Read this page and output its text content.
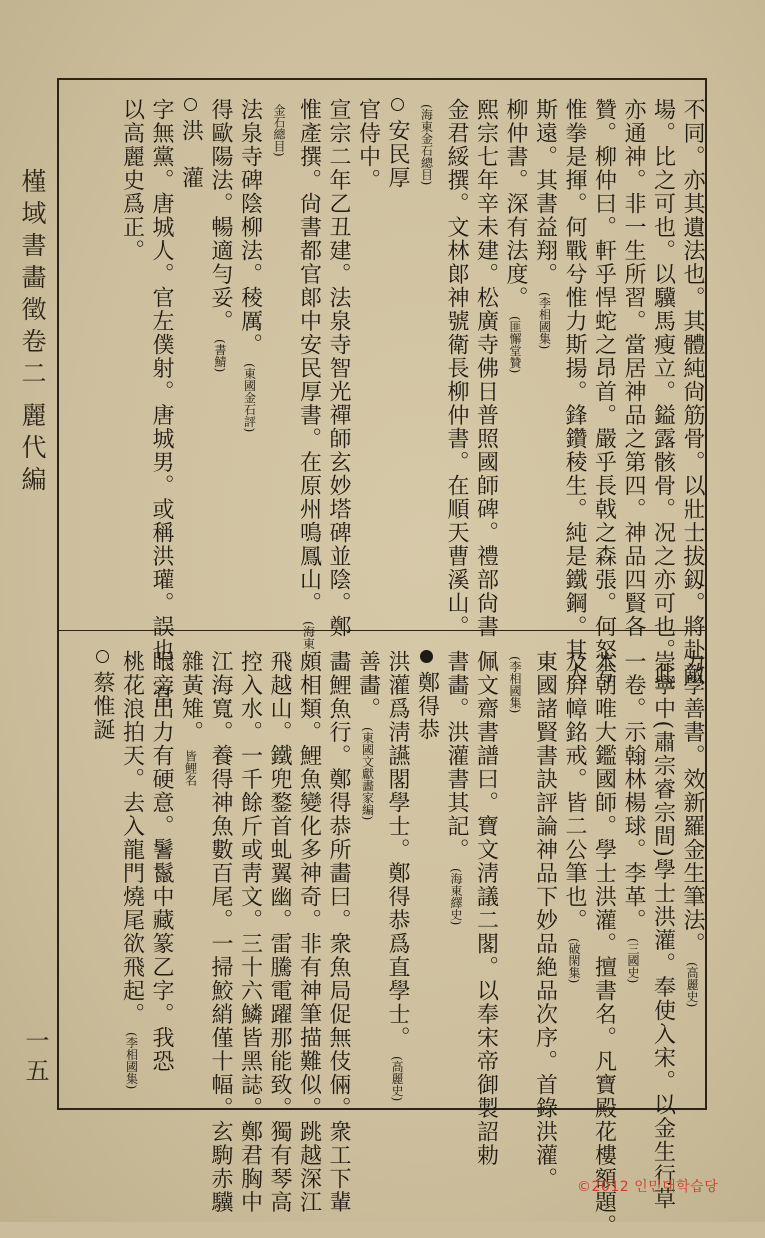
槿域書畵徵卷二
麗代編
一五
不同。亦其遺法也。其體純尙筋骨。以壯士拔釼。將赴敵
場。比之可也。以驥馬瘦立。鎰露骸骨。况之亦可也。此
亦通神。非一生所習。當居神品之第四。神品四賢各
贊。柳仲曰。軒乎悍蛇之昂首。嚴乎長戟之森張。何怒兮
惟拳是揮。何戰兮惟力斯揚。鋒鑽稜生。純是鐵鋼。其人
斯遠。其書益翔。(李相國集)
柳仲書。深有法度。(匪懈堂贊)
熙宗七年辛未建。松廣寺佛日普照國師碑。禮部尙書
金君綏撰。文林郞神號衛長柳仲書。在順天曹溪山。
(海東金石總目)
安民厚
官侍中。
宣宗二年乙丑建。法泉寺智光禪師玄妙塔碑並陰。鄭
惟產撰。尙書都官郞中安民厚書。在原州鳴鳳山。(海東
金石總目)
法泉寺碑陰柳法。稜厲。(東國金石評)
得歐陽法。暢適勻妥。(書鯖)
洪　灌
字無黨。唐城人。官左僕射。唐城男。或稱洪瓘。誤也。當
以高麗史爲正。
力學善書。效新羅金生筆法。(高麗史)
崇寧中(肅宗睿宗間)學士洪灌。奉使入宋。以金生行草
一卷。示翰林楊球。李革。(三國史)
本朝唯大鑑國師。學士洪灌。擅書名。凡寶殿花樓額題。
及屛幛銘戒。皆二公筆也。(破閑集)
東國諸賢書訣評論神品下妙品絶品次序。首錄洪灌。
(李相國集)
佩文齋書譜曰。寶文淸議二閣。以奉宋帝御製詔勅
書畵。洪灌書其記。(海東繹史)
鄭得恭
洪灌爲淸讌閣學士。鄭得恭爲直學士。(高麗史)
善畵。(東國文獻畵家編)
畵鯉魚行。鄭得恭所畵曰。衆魚局促無伎倆。衆工下輩
頗相類。鯉魚變化多神奇。非有神筆描難似。跳越深江
飛越山。鐵兜鍪首虬翼幽。雷騰電躍那能致。獨有琴高
控入水。一千餘斤或靑文。三十六鱗皆黑誌。鄭君胸中
江海寬。養得神魚數百尾。一掃鮫綃僅十幅。玄駒赤驥
雜黃雉。皆鯉名
眼旁出力有硬意。鬐鬣中藏篆乙字。我恐
桃花浪拍天。去入龍門燒尾欲飛起。(李相國集)
蔡惟誕
©2012 인민대학습당
